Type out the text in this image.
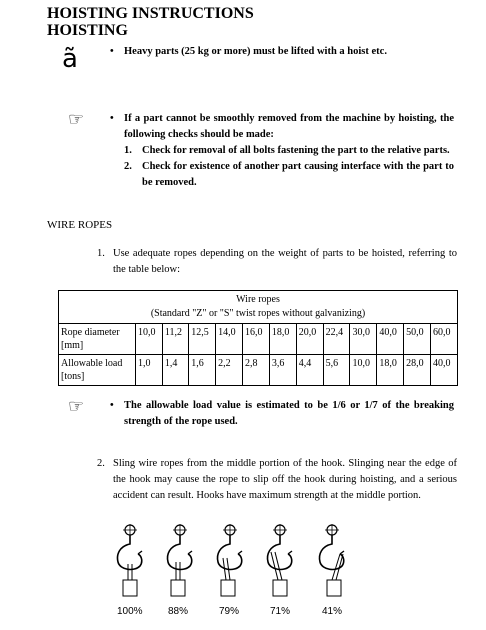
HOISTING INSTRUCTIONS
HOISTING
ã	• Heavy parts (25 kg or more) must be lifted with a hoist etc.
☞ • If a part cannot be smoothly removed from the machine by hoisting, the following checks should be made:
1. Check for removal of all bolts fastening the part to the relative parts.
2. Check for existence of another part causing interface with the part to be removed.
WIRE ROPES
1. Use adequate ropes depending on the weight of parts to be hoisted, referring to the table below:
Wire ropes
(Standard "Z" or "S" twist ropes without galvanizing)												

Rope diameter [mm]	10,0	11,2	12,5	14,0	16,0	18,0	20,0	22,4	30,0	40,0	50,0	60,0
Allowable load [tons]	1,0	1,4	1,6	2,2	2,8	3,6	4,4	5,6	10,0	18,0	28,0	40,0
☞ • The allowable load value is estimated to be 1/6 or 1/7 of the breaking strength of the rope used.
2. Sling wire ropes from the middle portion of the hook. Slinging near the edge of the hook may cause the rope to slip off the hook during hoisting, and a serious accident can result. Hooks have maximum strength at the middle portion.
100%	88%	79%	71%	41%
